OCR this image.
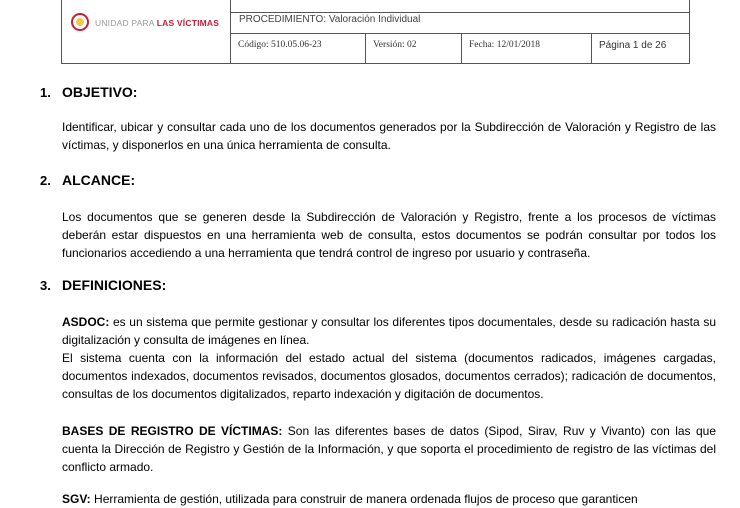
UNIDAD PARA LAS VÍCTIMAS	PROCEDIMIENTO: Valoración Individual
Código: 510.05.06-23	Versión: 02	Fecha: 12/01/2018	Página 1 de 26
1. OBJETIVO:
Identificar, ubicar y consultar cada uno de los documentos generados por la Subdirección de Valoración y Registro de las víctimas, y disponerlos en una única herramienta de consulta.
2. ALCANCE:
Los documentos que se generen desde la Subdirección de Valoración y Registro, frente a los procesos de víctimas deberán estar dispuestos en una herramienta web de consulta, estos documentos se podrán consultar por todos los funcionarios accediendo a una herramienta que tendrá control de ingreso por usuario y contraseña.
3. DEFINICIONES:
ASDOC: es un sistema que permite gestionar y consultar los diferentes tipos documentales, desde su radicación hasta su digitalización y consulta de imágenes en línea.
El sistema cuenta con la información del estado actual del sistema (documentos radicados, imágenes cargadas, documentos indexados, documentos revisados, documentos glosados, documentos cerrados); radicación de documentos, consultas de los documentos digitalizados, reparto indexación y digitación de documentos.
BASES DE REGISTRO DE VÍCTIMAS: Son las diferentes bases de datos (Sipod, Sirav, Ruv y Vivanto) con las que cuenta la Dirección de Registro y Gestión de la Información, y que soporta el procedimiento de registro de las víctimas del conflicto armado.
SGV: Herramienta de gestión, utilizada para construir de manera ordenada flujos de proceso que garanticen
